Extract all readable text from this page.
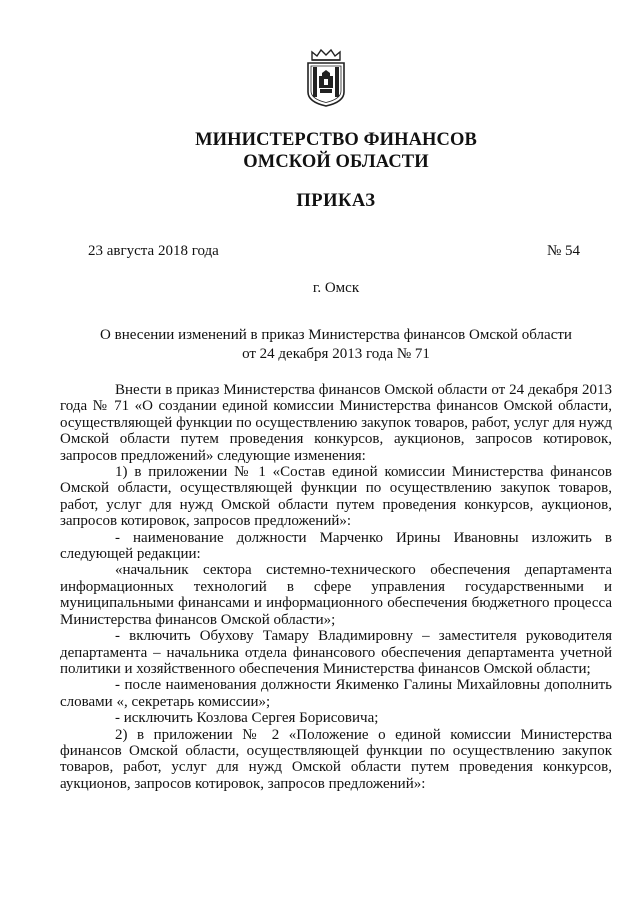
МИНИСТЕРСТВО ФИНАНСОВ
ОМСКОЙ ОБЛАСТИ
ПРИКАЗ
23 августа 2018 года	№ 54
г. Омск
О внесении изменений в приказ Министерства финансов Омской области
от 24 декабря 2013 года № 71

Внести в приказ Министерства финансов Омской области от 24 декабря 2013 года № 71 «О создании единой комиссии Министерства финансов Омской области, осуществляющей функции по осуществлению закупок товаров, работ, услуг для нужд Омской области путем проведения конкурсов, аукционов, запросов котировок, запросов предложений» следующие изменения:

1) в приложении № 1 «Состав единой комиссии Министерства финансов Омской области, осуществляющей функции по осуществлению закупок товаров, работ, услуг для нужд Омской области путем проведения конкурсов, аукционов, запросов котировок, запросов предложений»:

- наименование должности Марченко Ирины Ивановны изложить в следующей редакции:

«начальник сектора системно-технического обеспечения департамента информационных технологий в сфере управления государственными и муниципальными финансами и информационного обеспечения бюджетного процесса Министерства финансов Омской области»;

- включить Обухову Тамару Владимировну – заместителя руководителя департамента – начальника отдела финансового обеспечения департамента учетной политики и хозяйственного обеспечения Министерства финансов Омской области;

- после наименования должности Якименко Галины Михайловны дополнить словами «, секретарь комиссии»;

- исключить Козлова Сергея Борисовича;

2) в приложении № 2 «Положение о единой комиссии Министерства финансов Омской области, осуществляющей функции по осуществлению закупок товаров, работ, услуг для нужд Омской области путем проведения конкурсов, аукционов, запросов котировок, запросов предложений»:
